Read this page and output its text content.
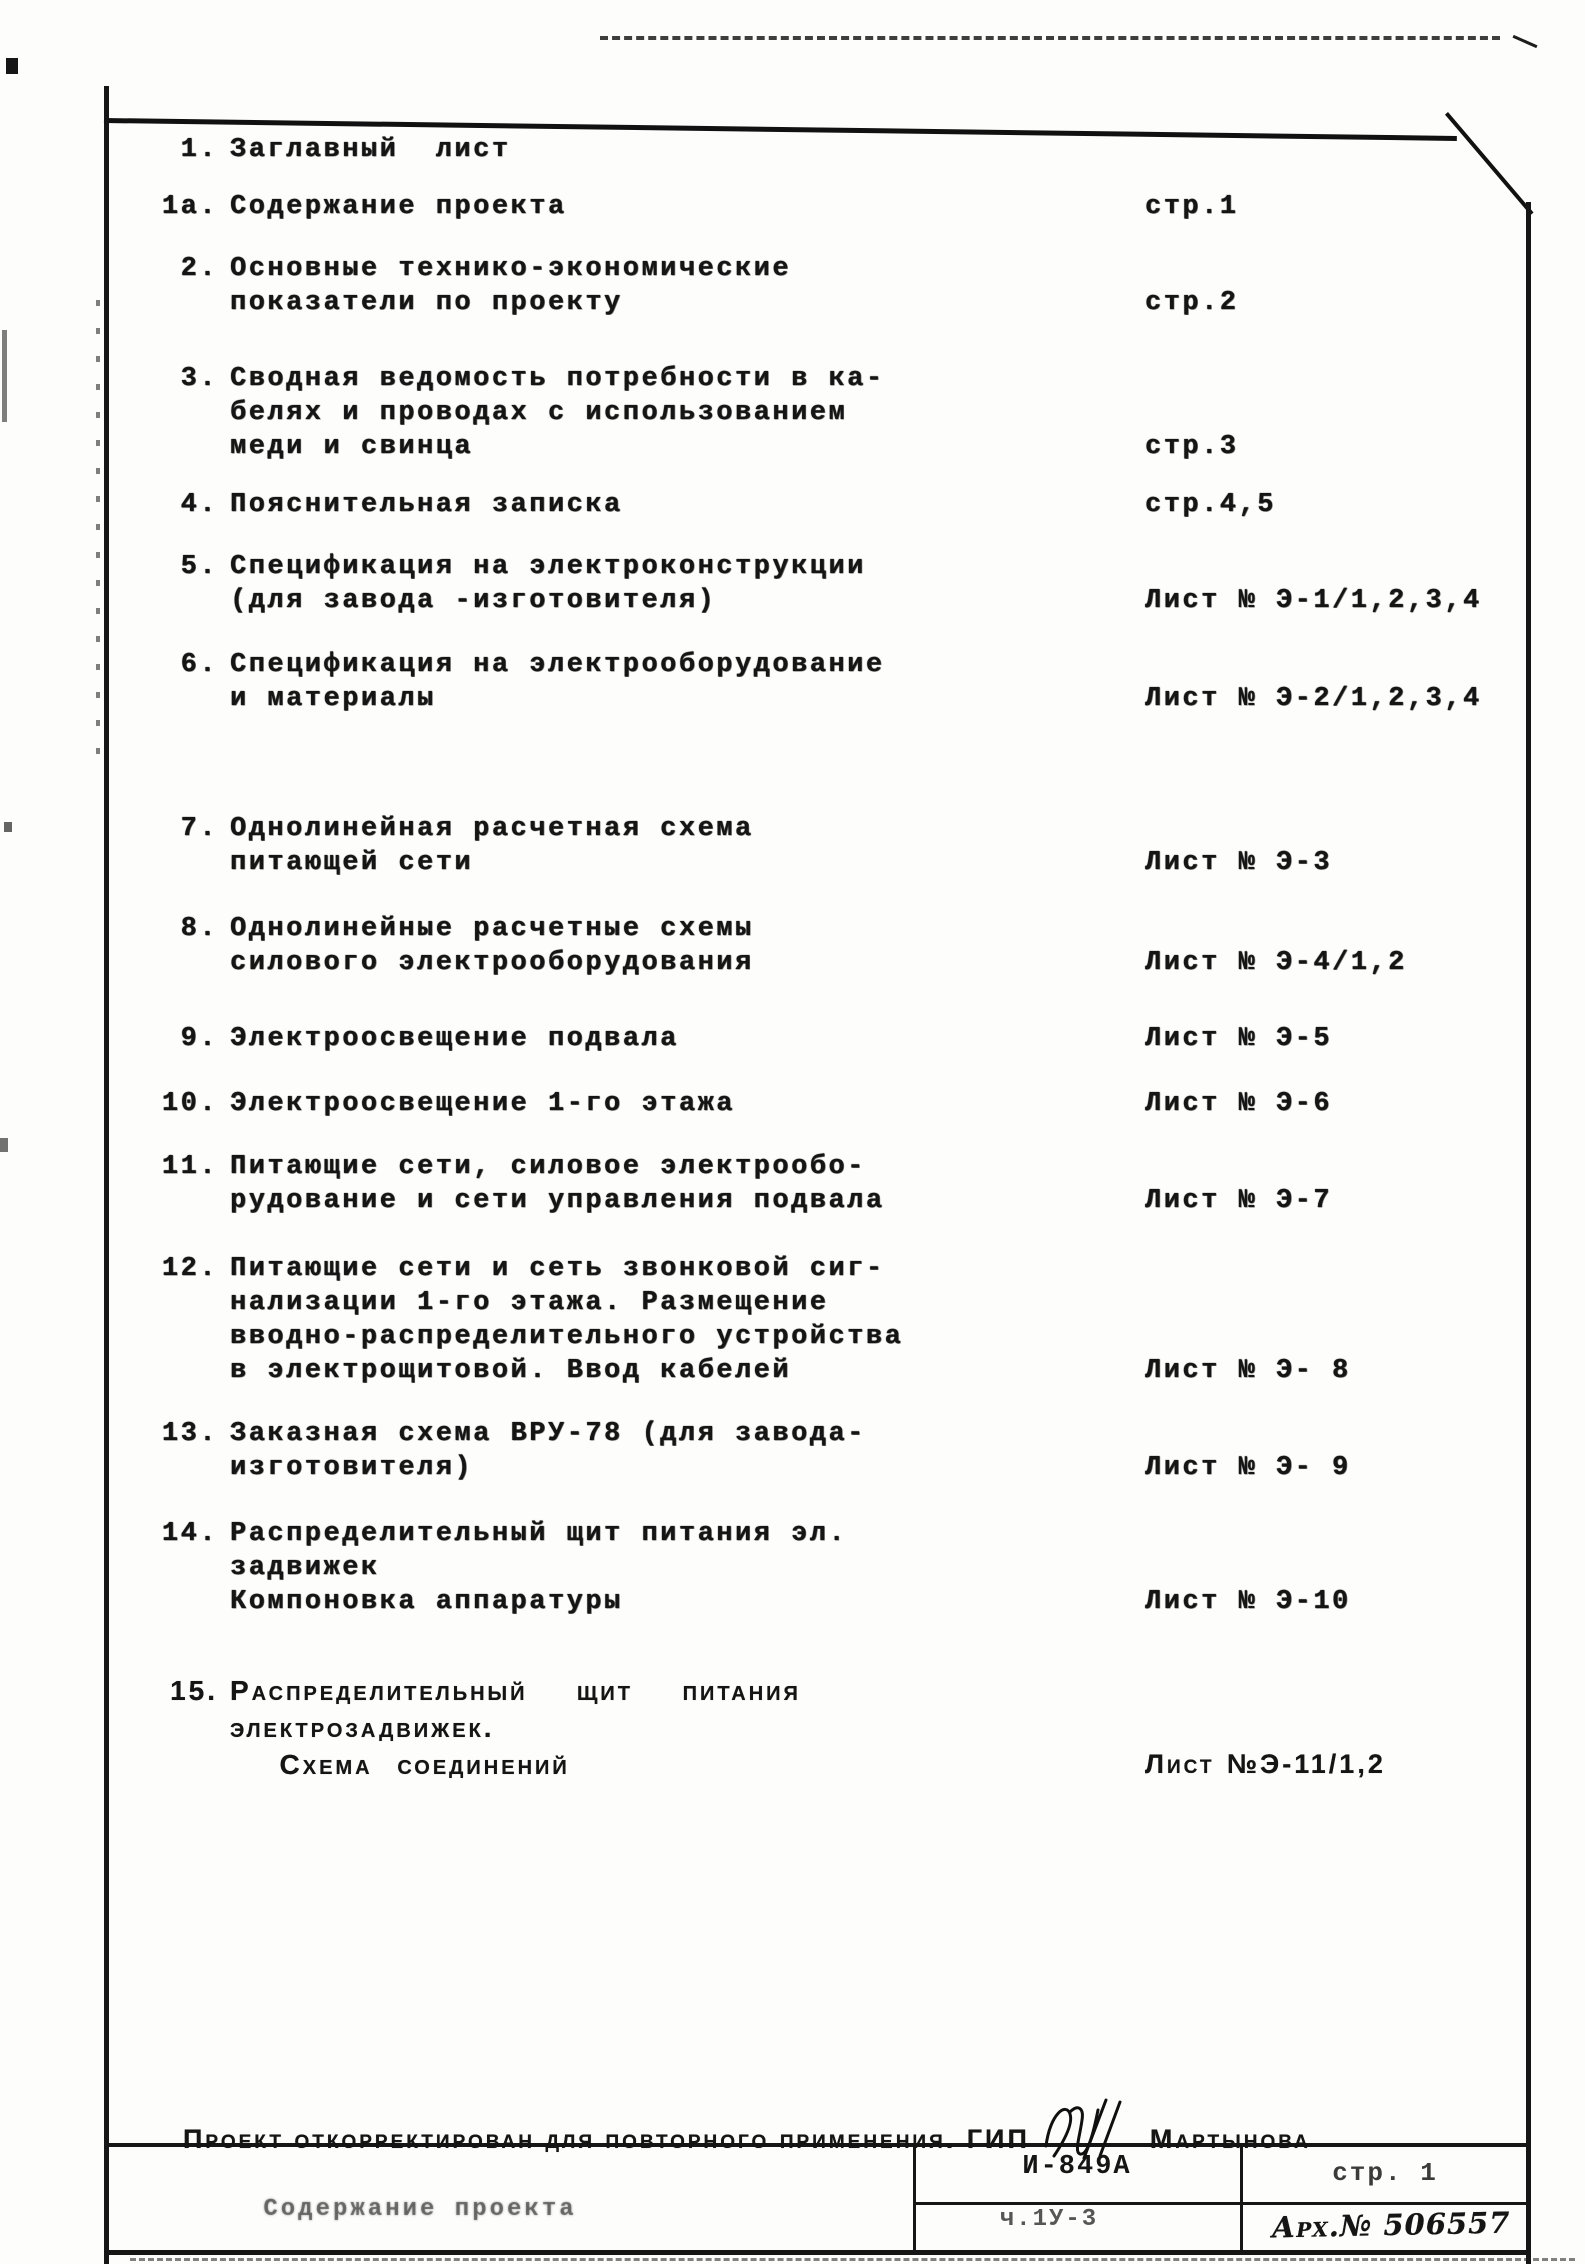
1. Заглавный  лист
1а. Содержание проекта	стр.1
2. Основные технико-экономические
показатели по проекту	стр.2
3. Сводная ведомость потребности в ка-
белях и проводах с использованием
меди и свинца	стр.3
4. Пояснительная записка	стр.4,5
5. Спецификация на электроконструкции
(для завода -изготовителя)	Лист № Э-1/1,2,3,4
6. Спецификация на электрооборудование
и материалы	Лист № Э-2/1,2,3,4
7. Однолинейная расчетная схема
питающей сети	Лист № Э-3
8. Однолинейные расчетные схемы
силового электрооборудования	Лист № Э-4/1,2
9. Электроосвещение подвала	Лист № Э-5
10. Электроосвещение 1-го этажа	Лист № Э-6
11. Питающие сети, силовое электрообо-
рудование и сети управления подвала	Лист № Э-7
12. Питающие сети и сеть звонковой сиг-
нализации 1-го этажа. Размещение
вводно-распределительного устройства
в электрощитовой. Ввод кабелей	Лист № Э- 8
13. Заказная схема ВРУ-78 (для завода-
изготовителя)	Лист № Э- 9
14. Распределительный щит питания эл.
задвижек
Компоновка аппаратуры	Лист № Э-10
15. Распределительный  щит  питания
электрозадвижек.
Схема соединений	Лист №Э-11/1,2
Проект откорректирован для повторного применения. ГИП	Мартынова
Содержание проекта
И-849А
ч.1У-3
стр. 1
Арх.№ 506557
